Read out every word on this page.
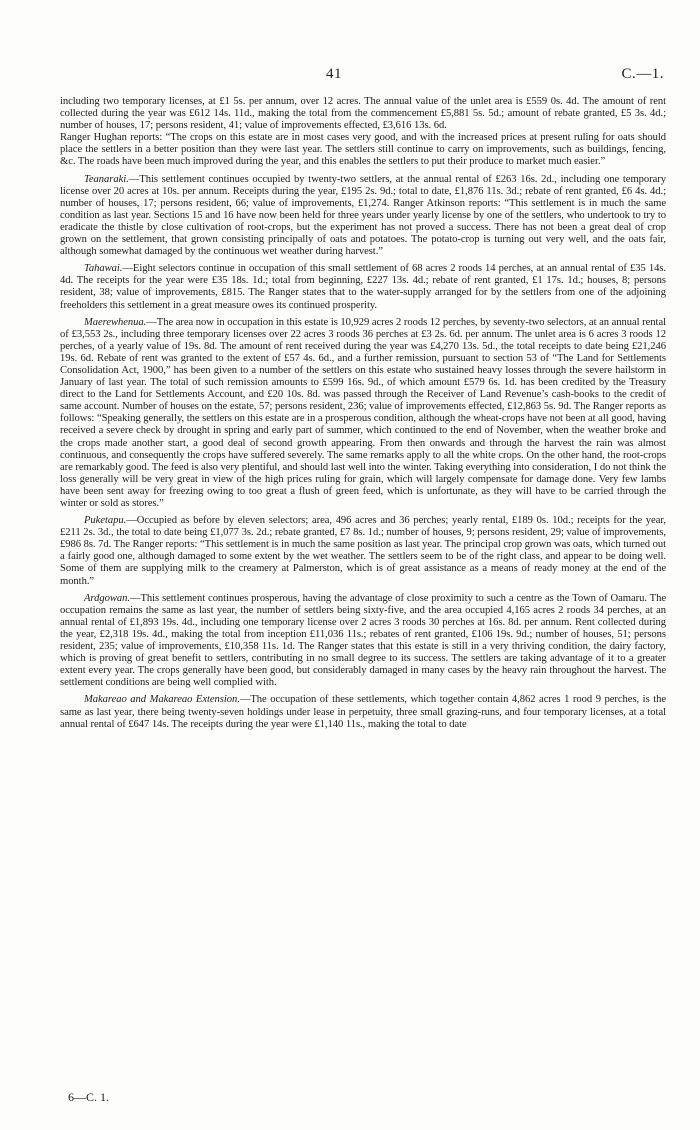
41	C.—1.

including two temporary licenses, at £1 5s. per annum, over 12 acres. The annual value of the unlet area is £559 0s. 4d. The amount of rent collected during the year was £612 14s. 11d., making the total from the commencement £5,881 5s. 5d.; amount of rebate granted, £5 3s. 4d.; number of houses, 17; persons resident, 41; value of improvements effected, £3,616 13s. 6d.

Ranger Hughan reports: “The crops on this estate are in most cases very good, and with the increased prices at present ruling for oats should place the settlers in a better position than they were last year. The settlers still continue to carry on improvements, such as buildings, fencing, &c. The roads have been much improved during the year, and this enables the settlers to put their produce to market much easier.”

Teanaraki.—This settlement continues occupied by twenty-two settlers, at the annual rental of £263 16s. 2d., including one temporary license over 20 acres at 10s. per annum. Receipts during the year, £195 2s. 9d.; total to date, £1,876 11s. 3d.; rebate of rent granted, £6 4s. 4d.; number of houses, 17; persons resident, 66; value of improvements, £1,274. Ranger Atkinson reports: “This settlement is in much the same condition as last year. Sections 15 and 16 have now been held for three years under yearly license by one of the settlers, who undertook to try to eradicate the thistle by close cultivation of root-crops, but the experiment has not proved a success. There has not been a great deal of crop grown on the settlement, that grown consisting principally of oats and potatoes. The potato-crop is turning out very well, and the oats fair, although somewhat damaged by the continuous wet weather during harvest.”

Tahawai.—Eight selectors continue in occupation of this small settlement of 68 acres 2 roods 14 perches, at an annual rental of £35 14s. 4d. The receipts for the year were £35 18s. 1d.; total from beginning, £227 13s. 4d.; rebate of rent granted, £1 17s. 1d.; houses, 8; persons resident, 38; value of improvements, £815. The Ranger states that to the water-supply arranged for by the settlers from one of the adjoining freeholders this settlement in a great measure owes its continued prosperity.

Maerewhenua.—The area now in occupation in this estate is 10,929 acres 2 roods 12 perches, by seventy-two selectors, at an annual rental of £3,553 2s., including three temporary licenses over 22 acres 3 roods 36 perches at £3 2s. 6d. per annum. The unlet area is 6 acres 3 roods 12 perches, of a yearly value of 19s. 8d. The amount of rent received during the year was £4,270 13s. 5d., the total receipts to date being £21,246 19s. 6d. Rebate of rent was granted to the extent of £57 4s. 6d., and a further remission, pursuant to section 53 of “The Land for Settlements Consolidation Act, 1900,” has been given to a number of the settlers on this estate who sustained heavy losses through the severe hailstorm in January of last year. The total of such remission amounts to £599 16s. 9d., of which amount £579 6s. 1d. has been credited by the Treasury direct to the Land for Settlements Account, and £20 10s. 8d. was passed through the Receiver of Land Revenue’s cash-books to the credit of same account. Number of houses on the estate, 57; persons resident, 236; value of improvements effected, £12,863 5s. 9d. The Ranger reports as follows: “Speaking generally, the settlers on this estate are in a prosperous condition, although the wheat-crops have not been at all good, having received a severe check by drought in spring and early part of summer, which continued to the end of November, when the weather broke and the crops made another start, a good deal of second growth appearing. From then onwards and through the harvest the rain was almost continuous, and consequently the crops have suffered severely. The same remarks apply to all the white crops. On the other hand, the root-crops are remarkably good. The feed is also very plentiful, and should last well into the winter. Taking everything into consideration, I do not think the loss generally will be very great in view of the high prices ruling for grain, which will largely compensate for damage done. Very few lambs have been sent away for freezing owing to too great a flush of green feed, which is unfortunate, as they will have to be carried through the winter or sold as stores.”

Puketapu.—Occupied as before by eleven selectors; area, 496 acres and 36 perches; yearly rental, £189 0s. 10d.; receipts for the year, £211 2s. 3d., the total to date being £1,077 3s. 2d.; rebate granted, £7 8s. 1d.; number of houses, 9; persons resident, 29; value of improvements, £986 8s. 7d. The Ranger reports: “This settlement is in much the same position as last year. The principal crop grown was oats, which turned out a fairly good one, although damaged to some extent by the wet weather. The settlers seem to be of the right class, and appear to be doing well. Some of them are supplying milk to the creamery at Palmerston, which is of great assistance as a means of ready money at the end of the month.”

Ardgowan.—This settlement continues prosperous, having the advantage of close proximity to such a centre as the Town of Oamaru. The occupation remains the same as last year, the number of settlers being sixty-five, and the area occupied 4,165 acres 2 roods 34 perches, at an annual rental of £1,893 19s. 4d., including one temporary license over 2 acres 3 roods 30 perches at 16s. 8d. per annum. Rent collected during the year, £2,318 19s. 4d., making the total from inception £11,036 11s.; rebates of rent granted, £106 19s. 9d.; number of houses, 51; persons resident, 235; value of improvements, £10,358 11s. 1d. The Ranger states that this estate is still in a very thriving condition, the dairy factory, which is proving of great benefit to settlers, contributing in no small degree to its success. The settlers are taking advantage of it to a greater extent every year. The crops generally have been good, but considerably damaged in many cases by the heavy rain throughout the harvest. The settlement conditions are being well complied with.

Makareao and Makareao Extension.—The occupation of these settlements, which together contain 4,862 acres 1 rood 9 perches, is the same as last year, there being twenty-seven holdings under lease in perpetuity, three small grazing-runs, and four temporary licenses, at a total annual rental of £647 14s. The receipts during the year were £1,140 11s., making the total to date

6—C. 1.
